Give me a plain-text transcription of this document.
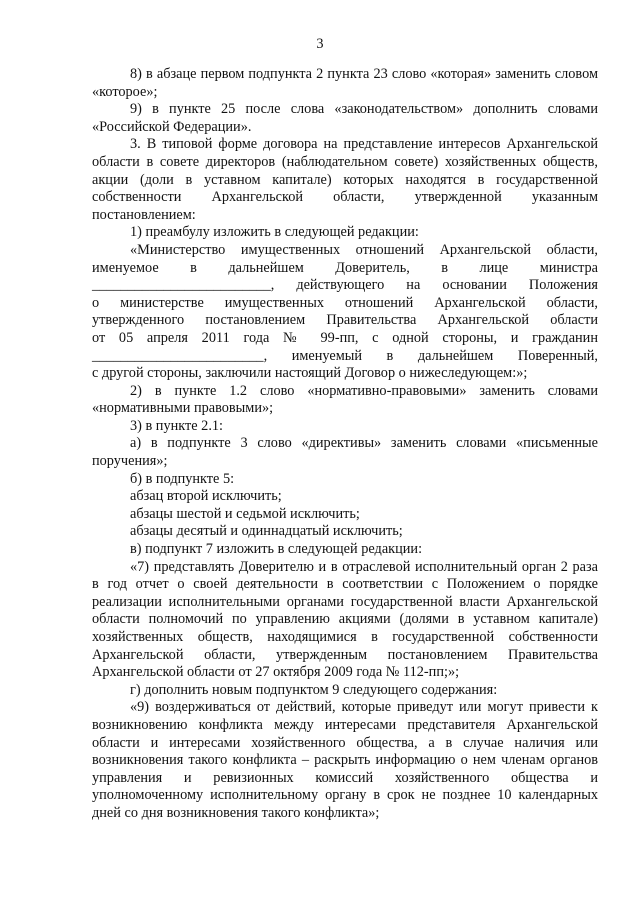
3

8) в абзаце первом подпункта 2 пункта 23 слово «которая» заменить словом «которое»;

9) в пункте 25 после слова «законодательством» дополнить словами «Российской Федерации».

3. В типовой форме договора на представление интересов Архангельской области в совете директоров (наблюдательном совете) хозяйственных обществ, акции (доли в уставном капитале) которых находятся в государственной собственности Архангельской области, утвержденной указанным постановлением:

1) преамбулу изложить в следующей редакции:

«Министерство имущественных отношений Архангельской области,

именуемое в дальнейшем Доверитель, в лице министра

_________________________, действующего на основании Положения

о министерстве имущественных отношений Архангельской области,

утвержденного постановлением Правительства Архангельской области

от 05 апреля 2011 года № 99-пп, с одной стороны, и гражданин

________________________, именуемый в дальнейшем Поверенный,

с другой стороны, заключили настоящий Договор о нижеследующем:»;

2) в пункте 1.2 слово «нормативно-правовыми» заменить словами «нормативными правовыми»;

3) в пункте 2.1:

а) в подпункте 3 слово «директивы» заменить словами «письменные поручения»;

б) в подпункте 5:

абзац второй исключить;

абзацы шестой и седьмой исключить;

абзацы десятый и одиннадцатый исключить;

в) подпункт 7 изложить в следующей редакции:

«7) представлять Доверителю и в отраслевой исполнительный орган 2 раза в год отчет о своей деятельности в соответствии с Положением о порядке реализации исполнительными органами государственной власти Архангельской области полномочий по управлению акциями (долями в уставном капитале) хозяйственных обществ, находящимися в государственной собственности Архангельской области, утвержденным постановлением Правительства Архангельской области от 27 октября 2009 года № 112-пп;»;

г) дополнить новым подпунктом 9 следующего содержания:

«9) воздерживаться от действий, которые приведут или могут привести к возникновению конфликта между интересами представителя Архангельской области и интересами хозяйственного общества, а в случае наличия или возникновения такого конфликта – раскрыть информацию о нем членам органов управления и ревизионных комиссий хозяйственного общества и уполномоченному исполнительному органу в срок не позднее 10 календарных дней со дня возникновения такого конфликта»;
